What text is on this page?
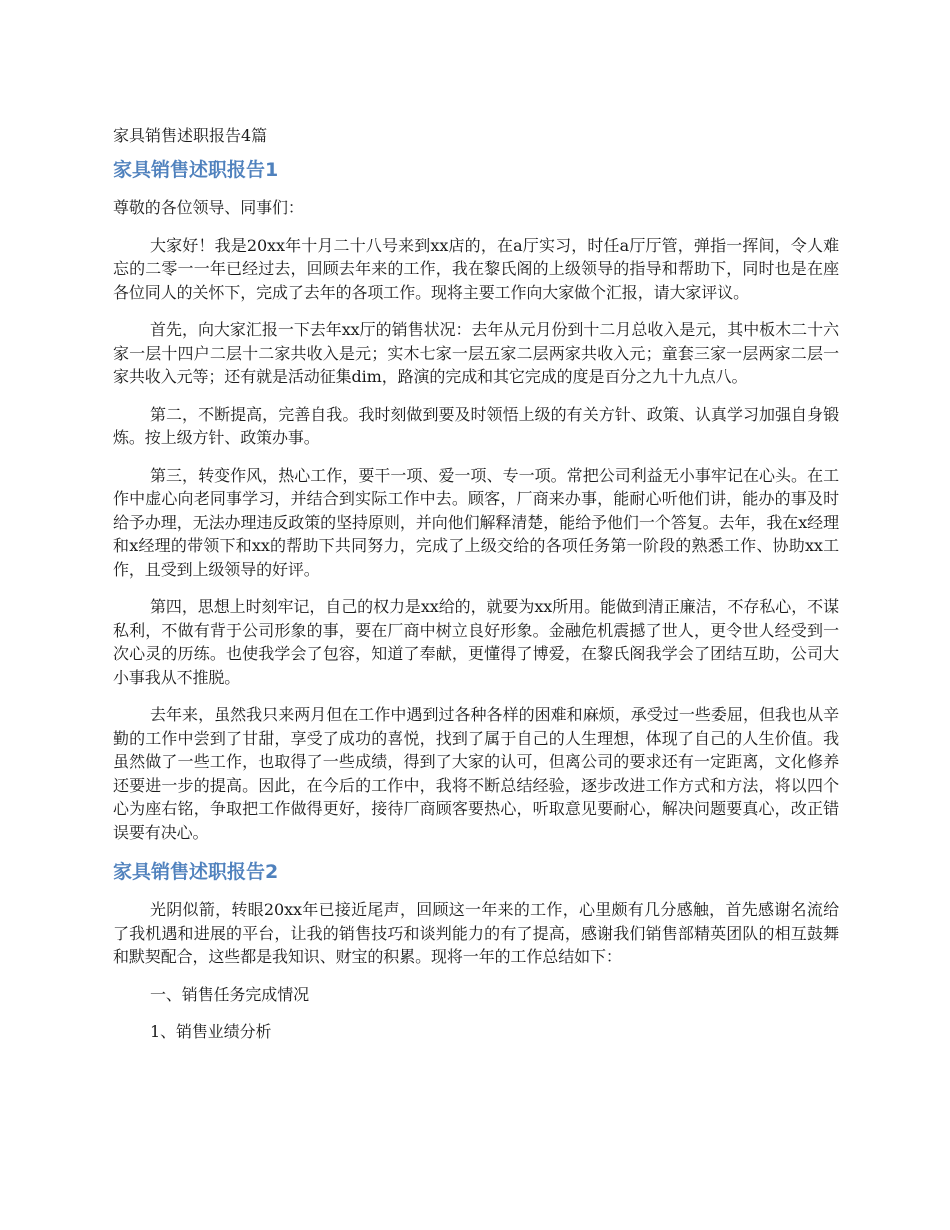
家具销售述职报告4篇
家具销售述职报告1

尊敬的各位领导、同事们：

大家好！我是20xx年十月二十八号来到xx店的，在a厅实习，时任a厅厅管，弹指一挥间，令人难忘的二零一一年已经过去，回顾去年来的工作，我在黎氏阁的上级领导的指导和帮助下，同时也是在座各位同人的关怀下，完成了去年的各项工作。现将主要工作向大家做个汇报，请大家评议。

首先，向大家汇报一下去年xx厅的销售状况：去年从元月份到十二月总收入是元，其中板木二十六家一层十四户二层十二家共收入是元；实木七家一层五家二层两家共收入元；童套三家一层两家二层一家共收入元等；还有就是活动征集dim，路演的完成和其它完成的度是百分之九十九点八。

第二，不断提高，完善自我。我时刻做到要及时领悟上级的有关方针、政策、认真学习加强自身锻炼。按上级方针、政策办事。

第三，转变作风，热心工作，要干一项、爱一项、专一项。常把公司利益无小事牢记在心头。在工作中虚心向老同事学习，并结合到实际工作中去。顾客，厂商来办事，能耐心听他们讲，能办的事及时给予办理，无法办理违反政策的坚持原则，并向他们解释清楚，能给予他们一个答复。去年，我在x经理和x经理的带领下和xx的帮助下共同努力，完成了上级交给的各项任务第一阶段的熟悉工作、协助xx工作，且受到上级领导的好评。

第四，思想上时刻牢记，自己的权力是xx给的，就要为xx所用。能做到清正廉洁，不存私心，不谋私利，不做有背于公司形象的事，要在厂商中树立良好形象。金融危机震撼了世人，更令世人经受到一次心灵的历练。也使我学会了包容，知道了奉献，更懂得了博爱，在黎氏阁我学会了团结互助，公司大小事我从不推脱。

去年来，虽然我只来两月但在工作中遇到过各种各样的困难和麻烦，承受过一些委屈，但我也从辛勤的工作中尝到了甘甜，享受了成功的喜悦，找到了属于自己的人生理想，体现了自己的人生价值。我虽然做了一些工作，也取得了一些成绩，得到了大家的认可，但离公司的要求还有一定距离，文化修养还要进一步的提高。因此，在今后的工作中，我将不断总结经验，逐步改进工作方式和方法，将以四个心为座右铭，争取把工作做得更好，接待厂商顾客要热心，听取意见要耐心，解决问题要真心，改正错误要有决心。

家具销售述职报告2

光阴似箭，转眼20xx年已接近尾声，回顾这一年来的工作，心里颇有几分感触，首先感谢名流给了我机遇和进展的平台，让我的销售技巧和谈判能力的有了提高，感谢我们销售部精英团队的相互鼓舞和默契配合，这些都是我知识、财宝的积累。现将一年的工作总结如下：

一、销售任务完成情况

1、销售业绩分析
